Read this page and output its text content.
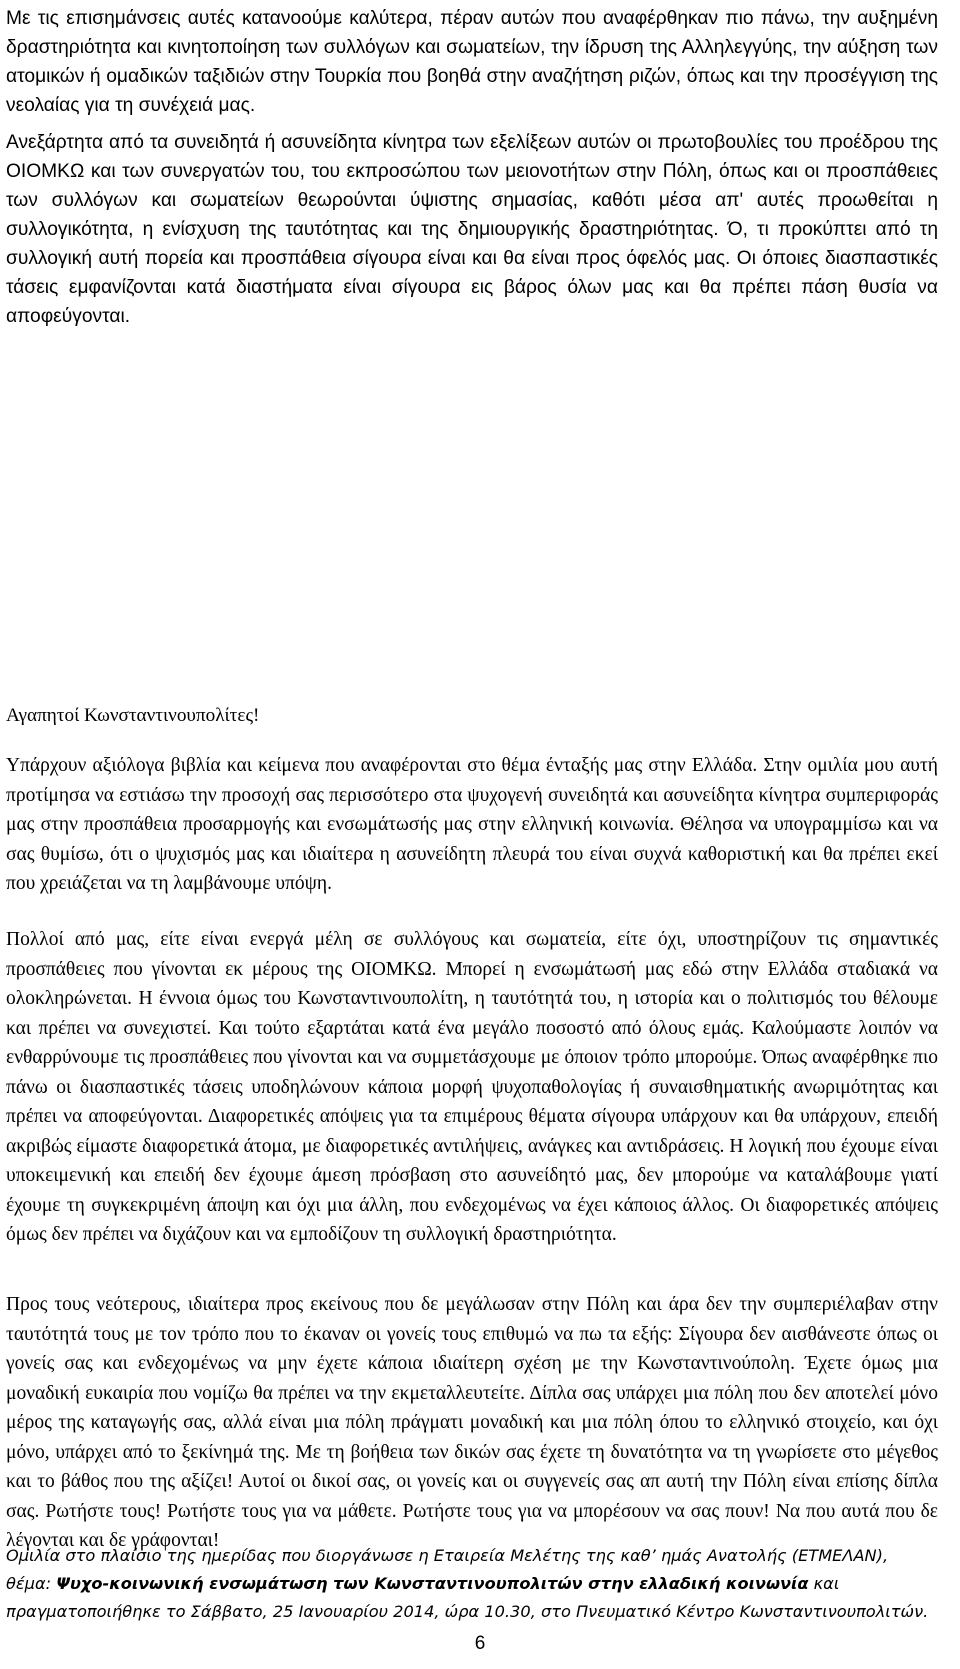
Με τις επισημάνσεις αυτές κατανοούμε καλύτερα, πέραν αυτών που αναφέρθηκαν πιο πάνω, την αυξημένη δραστηριότητα και κινητοποίηση των συλλόγων και σωματείων, την ίδρυση της Αλληλεγγύης, την αύξηση των ατομικών ή ομαδικών ταξιδιών στην Τουρκία που βοηθά στην αναζήτηση ριζών, όπως και την προσέγγιση της νεολαίας για τη συνέχειά μας.

Ανεξάρτητα από τα συνειδητά ή ασυνείδητα κίνητρα των εξελίξεων αυτών οι πρωτοβουλίες του προέδρου της ΟΙΟΜΚΩ και των συνεργατών του, του εκπροσώπου των μειονοτήτων στην Πόλη, όπως και οι προσπάθειες των συλλόγων και σωματείων θεωρούνται ύψιστης σημασίας, καθότι μέσα απ' αυτές προωθείται η συλλογικότητα, η ενίσχυση της ταυτότητας και της δημιουργικής δραστηριότητας. Ό, τι προκύπτει από τη συλλογική αυτή πορεία και προσπάθεια σίγουρα είναι και θα είναι προς όφελός μας. Οι όποιες διασπαστικές τάσεις εμφανίζονται κατά διαστήματα είναι σίγουρα εις βάρος όλων μας και θα πρέπει πάση θυσία να αποφεύγονται.

Αγαπητοί Κωνσταντινουπολίτες!

Υπάρχουν αξιόλογα βιβλία και κείμενα που αναφέρονται στο θέμα ένταξής μας στην Ελλάδα. Στην ομιλία μου αυτή προτίμησα να εστιάσω την προσοχή σας περισσότερο στα ψυχογενή συνειδητά και ασυνείδητα κίνητρα συμπεριφοράς μας στην προσπάθεια προσαρμογής και ενσωμάτωσής μας στην ελληνική κοινωνία. Θέλησα να υπογραμμίσω και να σας θυμίσω, ότι ο ψυχισμός μας και ιδιαίτερα η ασυνείδητη πλευρά του είναι συχνά καθοριστική και θα πρέπει εκεί που χρειάζεται να τη λαμβάνουμε υπόψη.

Πολλοί από μας, είτε είναι ενεργά μέλη σε συλλόγους και σωματεία, είτε όχι, υποστηρίζουν τις σημαντικές προσπάθειες που γίνονται εκ μέρους της ΟΙΟΜΚΩ. Μπορεί η ενσωμάτωσή μας εδώ στην Ελλάδα σταδιακά να ολοκληρώνεται. Η έννοια όμως του Κωνσταντινουπολίτη, η ταυτότητά του, η ιστορία και ο πολιτισμός του θέλουμε και πρέπει να συνεχιστεί. Και τούτο εξαρτάται κατά ένα μεγάλο ποσοστό από όλους εμάς. Καλούμαστε λοιπόν να ενθαρρύνουμε τις προσπάθειες που γίνονται και να συμμετάσχουμε με όποιον τρόπο μπορούμε. Όπως αναφέρθηκε πιο πάνω οι διασπαστικές τάσεις υποδηλώνουν κάποια μορφή ψυχοπαθολογίας ή συναισθηματικής ανωριμότητας και πρέπει να αποφεύγονται. Διαφορετικές απόψεις για τα επιμέρους θέματα σίγουρα υπάρχουν και θα υπάρχουν, επειδή ακριβώς είμαστε διαφορετικά άτομα, με διαφορετικές αντιλήψεις, ανάγκες και αντιδράσεις. Η λογική που έχουμε είναι υποκειμενική και επειδή δεν έχουμε άμεση πρόσβαση στο ασυνείδητό μας, δεν μπορούμε να καταλάβουμε γιατί έχουμε τη συγκεκριμένη άποψη και όχι μια άλλη, που ενδεχομένως να έχει κάποιος άλλος. Οι διαφορετικές απόψεις όμως δεν πρέπει να διχάζουν και να εμποδίζουν τη συλλογική δραστηριότητα.

Προς τους νεότερους, ιδιαίτερα προς εκείνους που δε μεγάλωσαν στην Πόλη και άρα δεν την συμπεριέλαβαν στην ταυτότητά τους με τον τρόπο που το έκαναν οι γονείς τους επιθυμώ να πω τα εξής: Σίγουρα δεν αισθάνεστε όπως οι γονείς σας και ενδεχομένως να μην έχετε κάποια ιδιαίτερη σχέση με την Κωνσταντινούπολη. Έχετε όμως μια μοναδική ευκαιρία που νομίζω θα πρέπει να την εκμεταλλευτείτε. Δίπλα σας υπάρχει μια πόλη που δεν αποτελεί μόνο μέρος της καταγωγής σας, αλλά είναι μια πόλη πράγματι μοναδική και μια πόλη όπου το ελληνικό στοιχείο, και όχι μόνο, υπάρχει από το ξεκίνημά της. Με τη βοήθεια των δικών σας έχετε τη δυνατότητα να τη γνωρίσετε στο μέγεθος και το βάθος που της αξίζει! Αυτοί οι δικοί σας, οι γονείς και οι συγγενείς σας απ αυτή την Πόλη είναι επίσης δίπλα σας. Ρωτήστε τους! Ρωτήστε τους για να μάθετε. Ρωτήστε τους για να μπορέσουν να σας πουν! Να που αυτά που δε λέγονται και δε γράφονται!

Ομιλία στο πλαίσιο της ημερίδας που διοργάνωσε η Εταιρεία Μελέτης της καθ’ ημάς Ανατολής (ΕΤΜΕΛΑΝ), θέμα: Ψυχο-κοινωνική ενσωμάτωση των Κωνσταντινουπολιτών στην ελλαδική κοινωνία και πραγματοποιήθηκε το Σάββατο, 25 Ιανουαρίου 2014, ώρα 10.30, στο Πνευματικό Κέντρο Κωνσταντινουπολιτών.

6
